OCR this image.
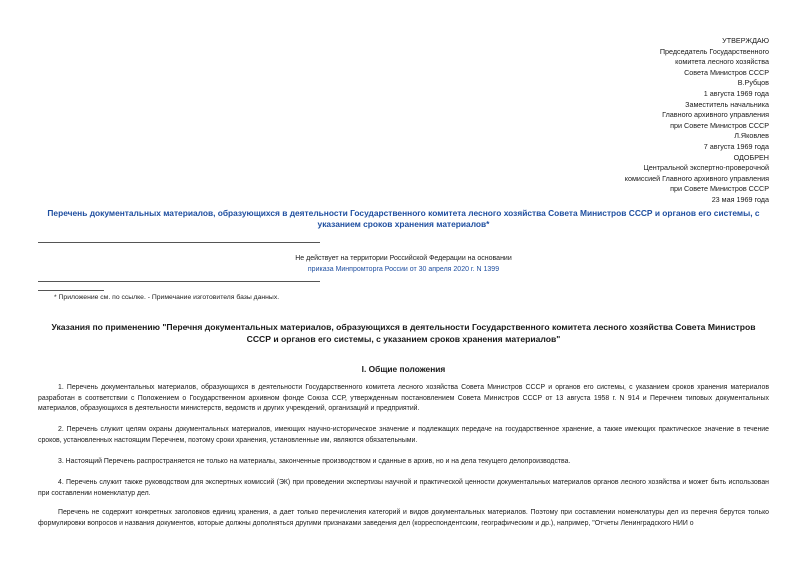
УТВЕРЖДАЮ
Председатель Государственного
комитета лесного хозяйства
Совета Министров СССР
В.Рубцов
1 августа 1969 года
Заместитель начальника
Главного архивного управления
при Совете Министров СССР
Л.Яковлев
7 августа 1969 года
ОДОБРЕН
Центральной экспертно-проверочной
комиссией Главного архивного управления
при Совете Министров СССР
23 мая 1969 года
Перечень документальных материалов, образующихся в деятельности Государственного комитета лесного хозяйства Совета Министров СССР и органов его системы, с указанием сроков хранения материалов*
Не действует на территории Российской Федерации на основании
приказа Минпромторга России от 30 апреля 2020 г. N 1399
* Приложение см. по ссылке. - Примечание изготовителя базы данных.
Указания по применению "Перечня документальных материалов, образующихся в деятельности Государственного комитета лесного хозяйства Совета Министров СССР и органов его системы, с указанием сроков хранения материалов"
I. Общие положения
1. Перечень документальных материалов, образующихся в деятельности Государственного комитета лесного хозяйства Совета Министров СССР и органов его системы, с указанием сроков хранения материалов разработан в соответствии с Положением о Государственном архивном фонде Союза ССР, утвержденным постановлением Совета Министров СССР от 13 августа 1958 г. N 914 и Перечнем типовых документальных материалов, образующихся в деятельности министерств, ведомств и других учреждений, организаций и предприятий.
2. Перечень служит целям охраны документальных материалов, имеющих научно-историческое значение и подлежащих передаче на государственное хранение, а также имеющих практическое значение в течение сроков, установленных настоящим Перечнем, поэтому сроки хранения, установленные им, являются обязательными.
3. Настоящий Перечень распространяется не только на материалы, законченные производством и сданные в архив, но и на дела текущего делопроизводства.
4. Перечень служит также руководством для экспертных комиссий (ЭК) при проведении экспертизы научной и практической ценности документальных материалов органов лесного хозяйства и может быть использован при составлении номенклатур дел.
Перечень не содержит конкретных заголовков единиц хранения, а дает только перечисления категорий и видов документальных материалов. Поэтому при составлении номенклатуры дел из перечня берутся только формулировки вопросов и названия документов, которые должны дополняться другими признаками заведения дел (корреспондентским, географическим и др.), например, "Отчеты Ленинградского НИИ о
